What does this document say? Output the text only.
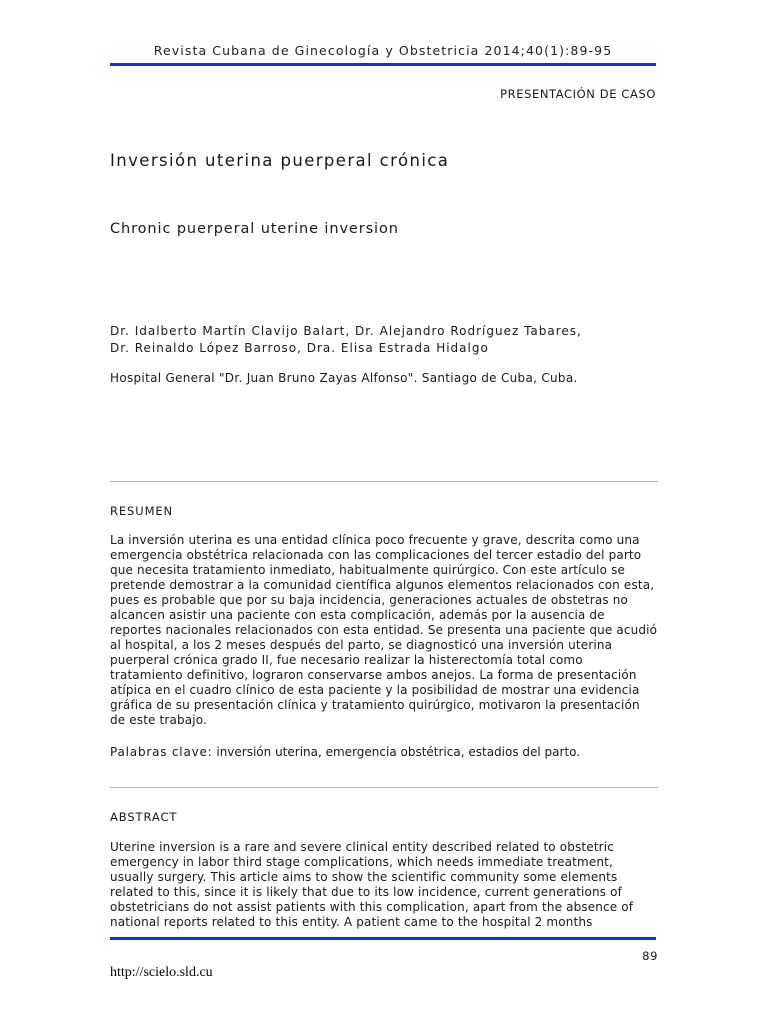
Revista Cubana de Ginecología y Obstetricia 2014;40(1):89-95
PRESENTACIÓN DE CASO
Inversión uterina puerperal crónica
Chronic puerperal uterine inversion
Dr. Idalberto Martín Clavijo Balart, Dr. Alejandro Rodríguez Tabares,
Dr. Reinaldo López Barroso, Dra. Elisa Estrada Hidalgo
Hospital General "Dr. Juan Bruno Zayas Alfonso". Santiago de Cuba, Cuba.
RESUMEN

La inversión uterina es una entidad clínica poco frecuente y grave, descrita como una emergencia obstétrica relacionada con las complicaciones del tercer estadio del parto que necesita tratamiento inmediato, habitualmente quirúrgico. Con este artículo se pretende demostrar a la comunidad científica algunos elementos relacionados con esta, pues es probable que por su baja incidencia, generaciones actuales de obstetras no alcancen asistir una paciente con esta complicación, además por la ausencia de reportes nacionales relacionados con esta entidad. Se presenta una paciente que acudió al hospital, a los 2 meses después del parto, se diagnosticó una inversión uterina puerperal crónica grado II, fue necesario realizar la histerectomía total como tratamiento definitivo, lograron conservarse ambos anejos. La forma de presentación atípica en el cuadro clínico de esta paciente y la posibilidad de mostrar una evidencia gráfica de su presentación clínica y tratamiento quirúrgico, motivaron la presentación de este trabajo.

Palabras clave: inversión uterina, emergencia obstétrica, estadios del parto.
ABSTRACT

Uterine inversion is a rare and severe clinical entity described related to obstetric emergency in labor third stage complications, which needs immediate treatment, usually surgery. This article aims to show the scientific community some elements related to this, since it is likely that due to its low incidence, current generations of obstetricians do not assist patients with this complication, apart from the absence of national reports related to this entity. A patient came to the hospital 2 months

89
http://scielo.sld.cu
